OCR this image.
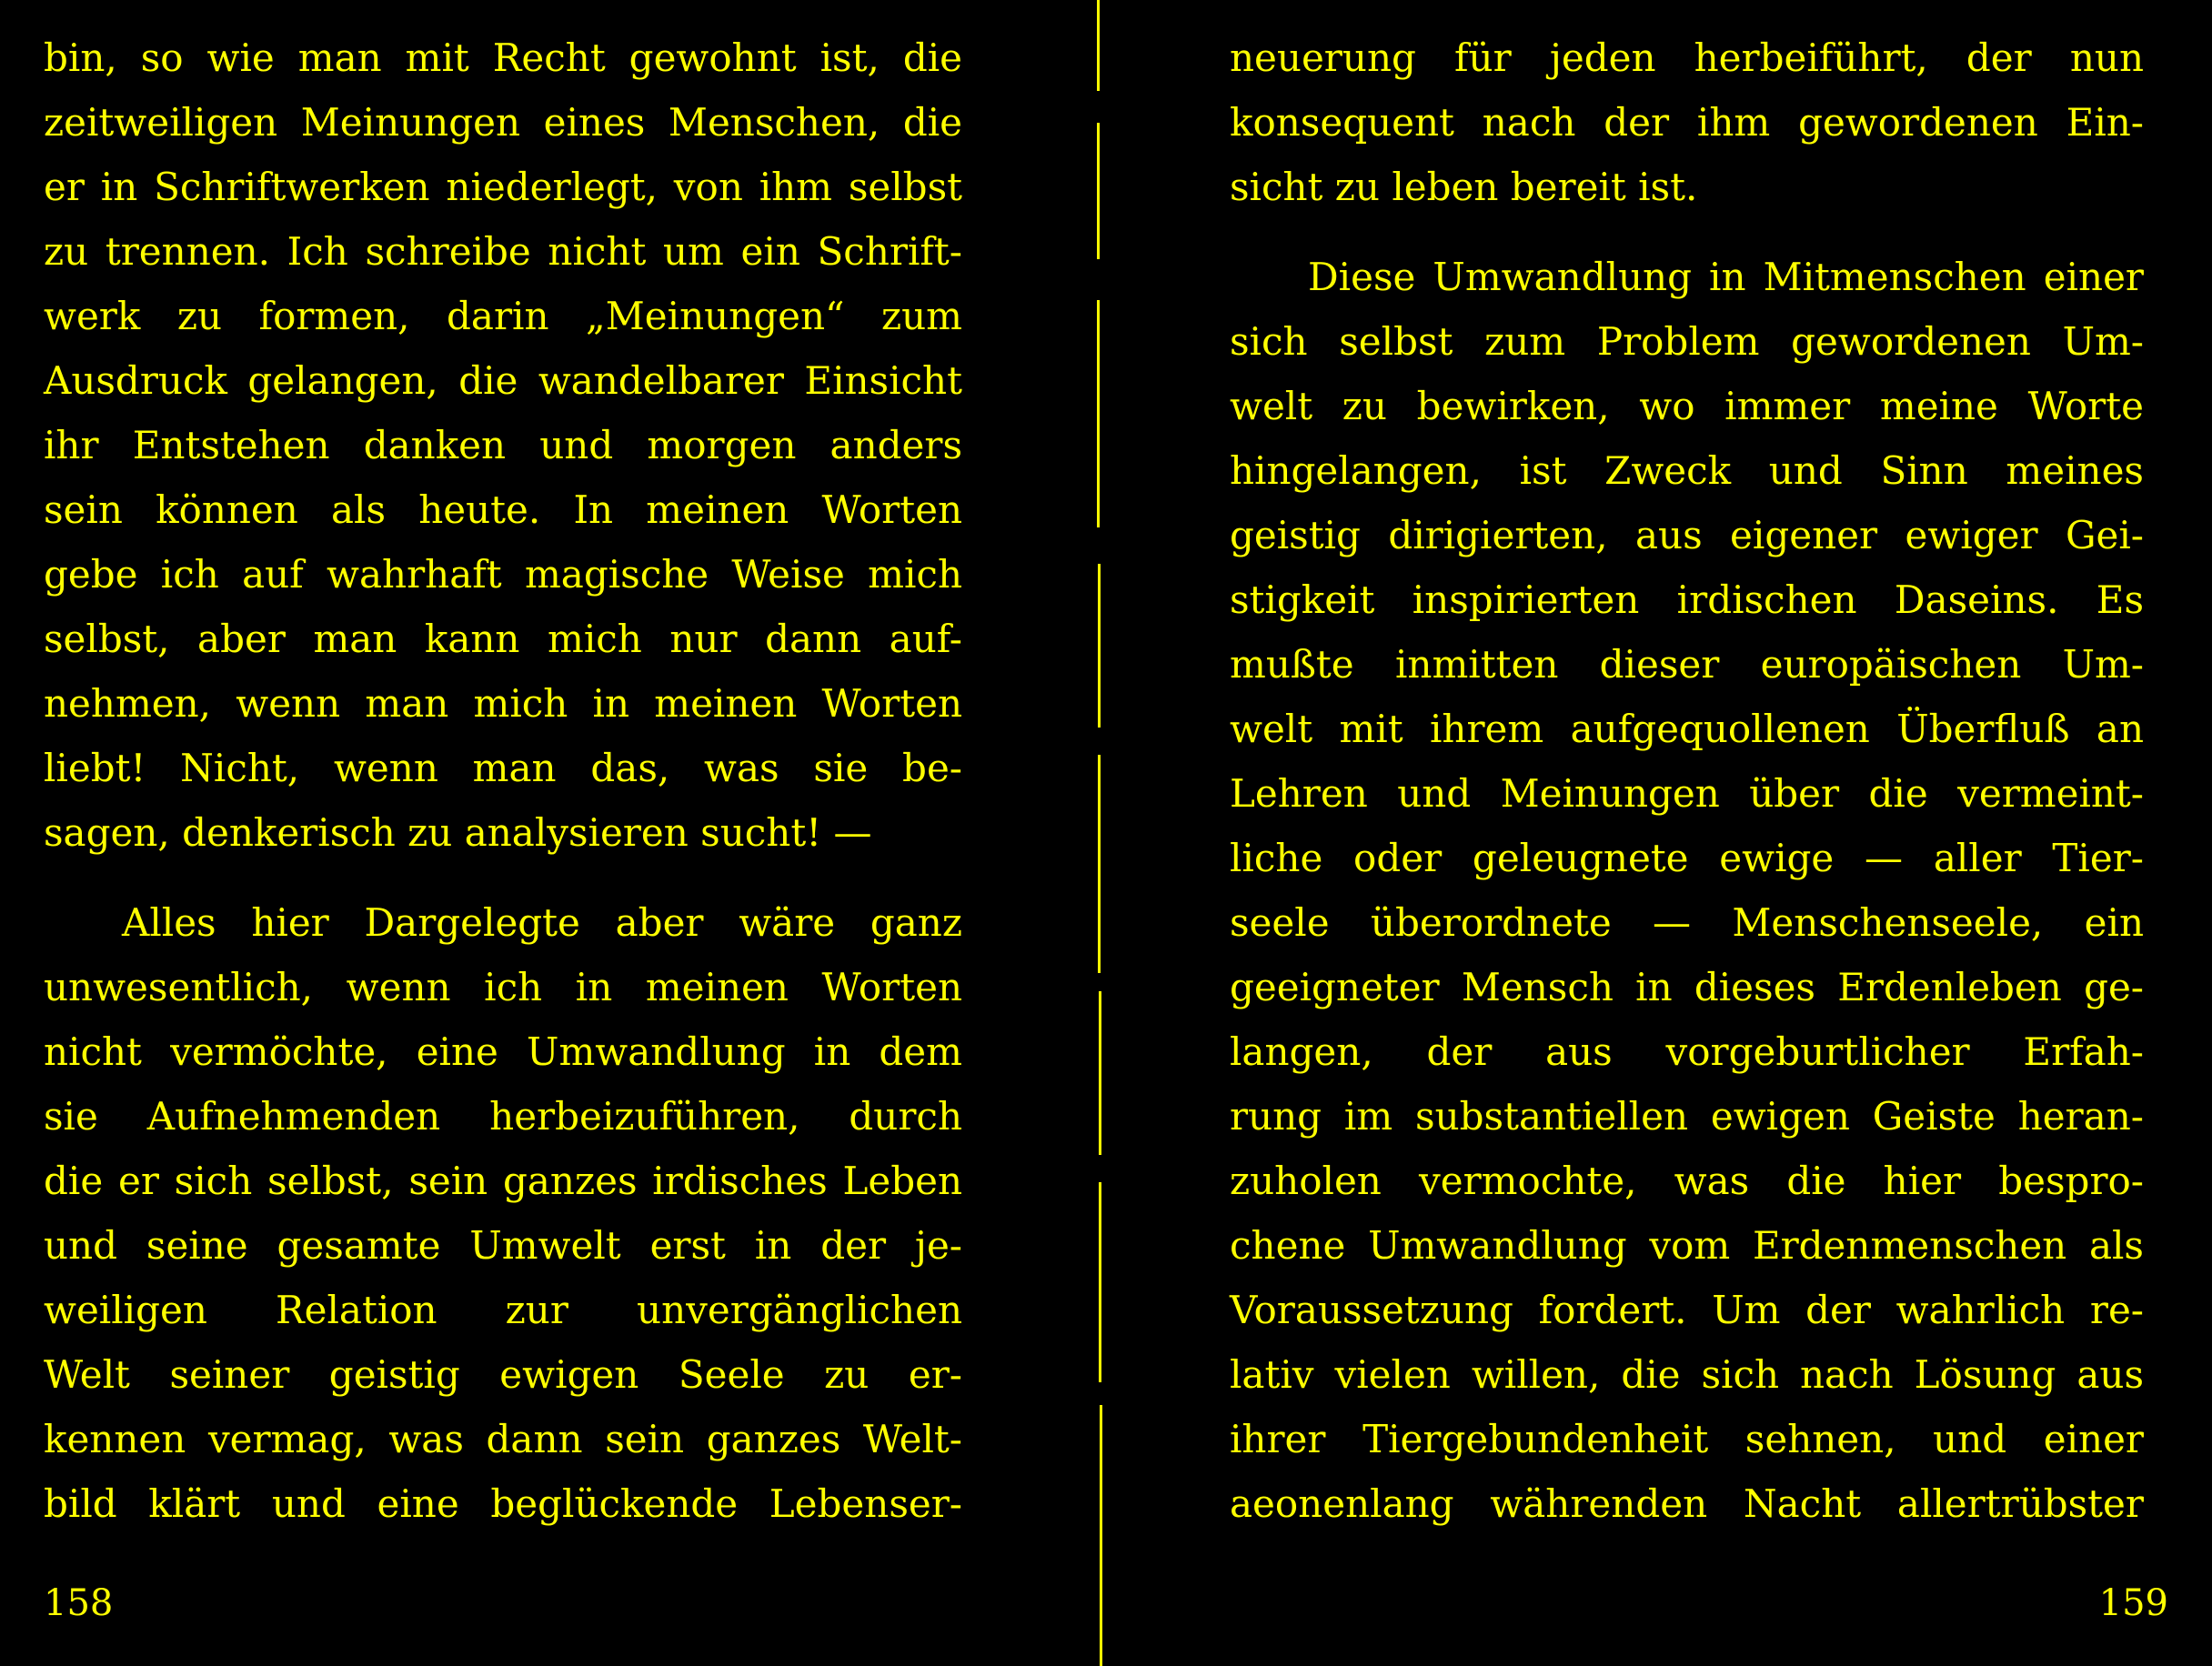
bin, so wie man mit Recht gewohnt ist, die
zeitweiligen Meinungen eines Menschen, die
er in Schriftwerken niederlegt, von ihm selbst
zu trennen. Ich schreibe nicht um ein Schrift-
werk zu formen, darin „Meinungen“ zum
Ausdruck gelangen, die wandelbarer Einsicht
ihr Entstehen danken und morgen anders
sein können als heute. In meinen Worten
gebe ich auf wahrhaft magische Weise mich
selbst, aber man kann mich nur dann auf-
nehmen, wenn man mich in meinen Worten
liebt! Nicht, wenn man das, was sie be-
sagen, denkerisch zu analysieren sucht! —
Alles hier Dargelegte aber wäre ganz
unwesentlich, wenn ich in meinen Worten
nicht vermöchte, eine Umwandlung in dem
sie Aufnehmenden herbeizuführen, durch
die er sich selbst, sein ganzes irdisches Leben
und seine gesamte Umwelt erst in der je-
weiligen Relation zur unvergänglichen
Welt seiner geistig ewigen Seele zu er-
kennen vermag, was dann sein ganzes Welt-
bild klärt und eine beglückende Lebenser-
158
neuerung für jeden herbeiführt, der nun
konsequent nach der ihm gewordenen Ein-
sicht zu leben bereit ist.
Diese Umwandlung in Mitmenschen einer
sich selbst zum Problem gewordenen Um-
welt zu bewirken, wo immer meine Worte
hingelangen, ist Zweck und Sinn meines
geistig dirigierten, aus eigener ewiger Gei-
stigkeit inspirierten irdischen Daseins. Es
mußte inmitten dieser europäischen Um-
welt mit ihrem aufgequollenen Überfluß an
Lehren und Meinungen über die vermeint-
liche oder geleugnete ewige — aller Tier-
seele überordnete — Menschenseele, ein
geeigneter Mensch in dieses Erdenleben ge-
langen, der aus vorgeburtlicher Erfah-
rung im substantiellen ewigen Geiste heran-
zuholen vermochte, was die hier bespro-
chene Umwandlung vom Erdenmenschen als
Voraussetzung fordert. Um der wahrlich re-
lativ vielen willen, die sich nach Lösung aus
ihrer Tiergebundenheit sehnen, und einer
aeonenlang währenden Nacht allertrübster
159
